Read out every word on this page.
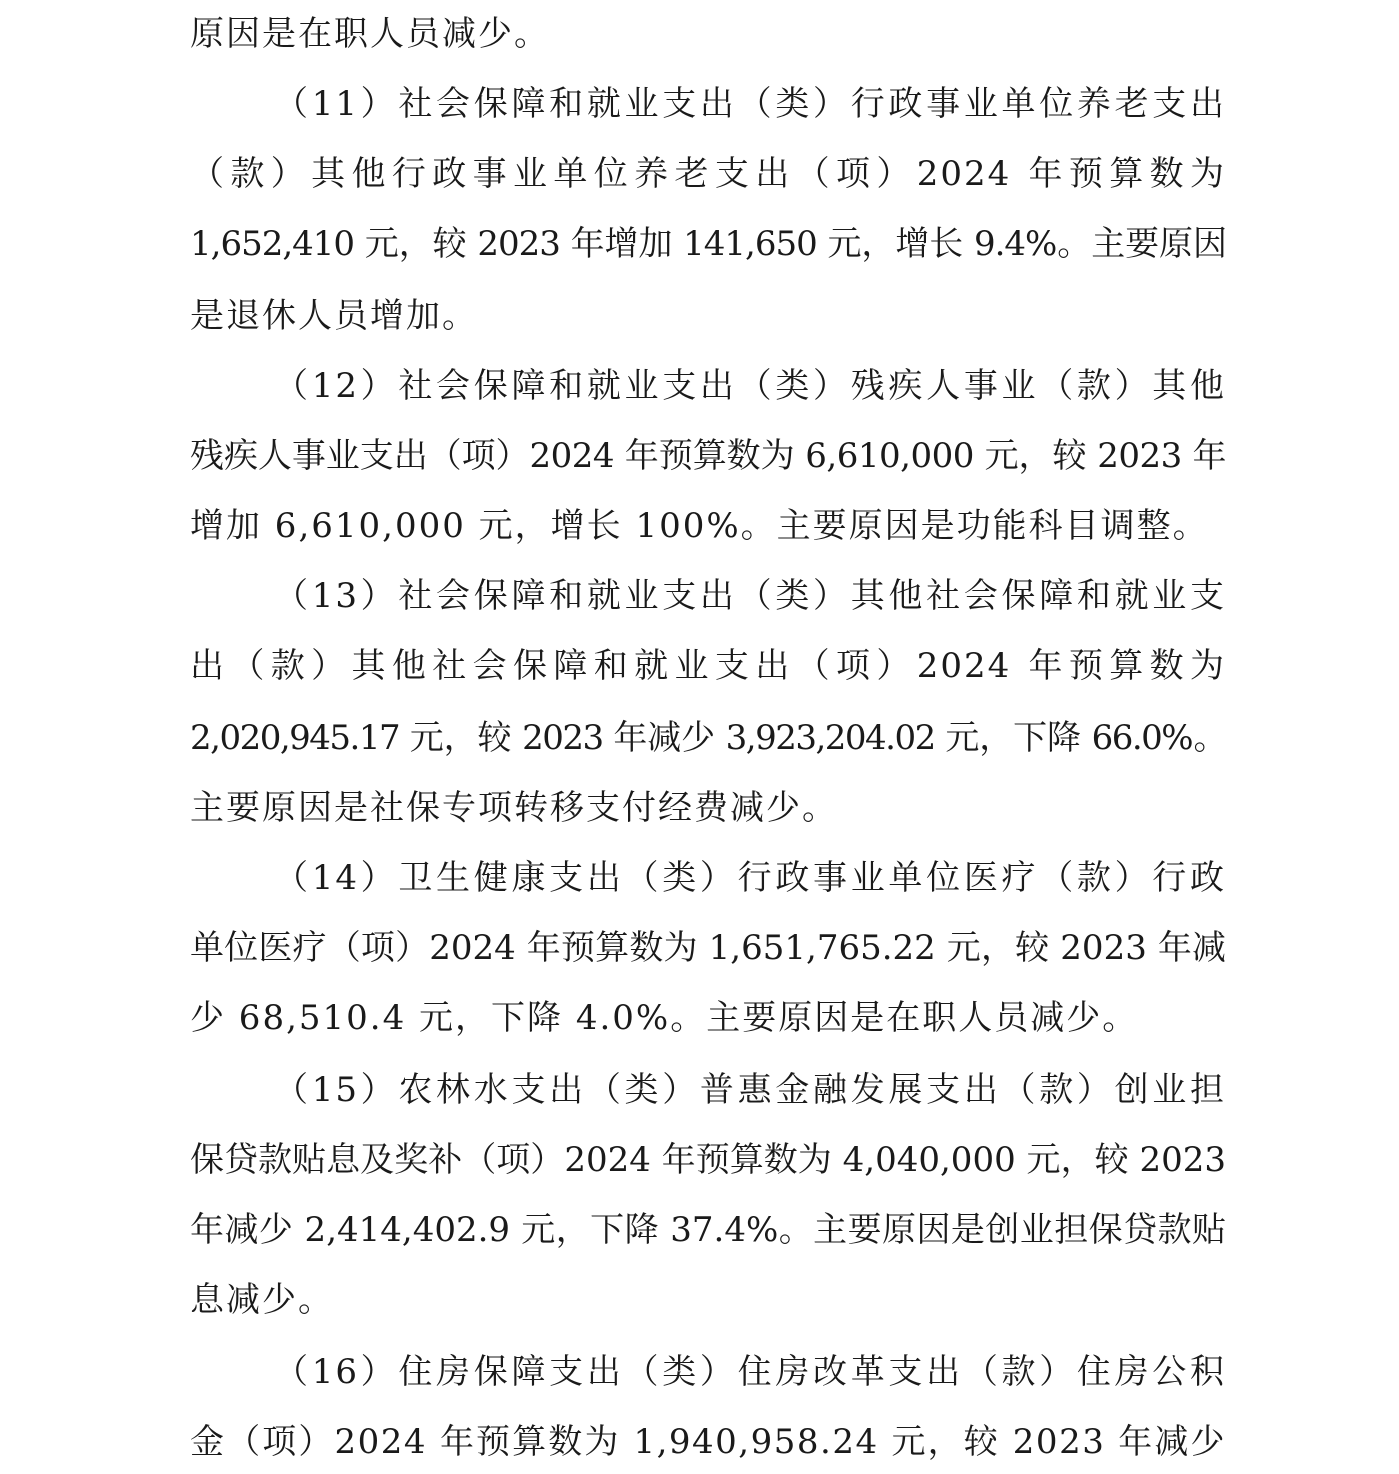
原因是在职人员减少。
（11）社会保障和就业支出（类）行政事业单位养老支出
（款）其他行政事业单位养老支出（项）2024 年预算数为
1,652,410 元，较 2023 年增加 141,650 元，增长 9.4%。主要原因
是退休人员增加。
（12）社会保障和就业支出（类）残疾人事业（款）其他
残疾人事业支出（项）2024 年预算数为 6,610,000 元，较 2023 年
增加 6,610,000 元，增长 100%。主要原因是功能科目调整。
（13）社会保障和就业支出（类）其他社会保障和就业支
出（款）其他社会保障和就业支出（项）2024 年预算数为
2,020,945.17 元，较 2023 年减少 3,923,204.02 元，下降 66.0%。
主要原因是社保专项转移支付经费减少。
（14）卫生健康支出（类）行政事业单位医疗（款）行政
单位医疗（项）2024 年预算数为 1,651,765.22 元，较 2023 年减
少 68,510.4 元，下降 4.0%。主要原因是在职人员减少。
（15）农林水支出（类）普惠金融发展支出（款）创业担
保贷款贴息及奖补（项）2024 年预算数为 4,040,000 元，较 2023
年减少 2,414,402.9 元，下降 37.4%。主要原因是创业担保贷款贴
息减少。
（16）住房保障支出（类）住房改革支出（款）住房公积
金（项）2024 年预算数为 1,940,958.24 元，较 2023 年减少
